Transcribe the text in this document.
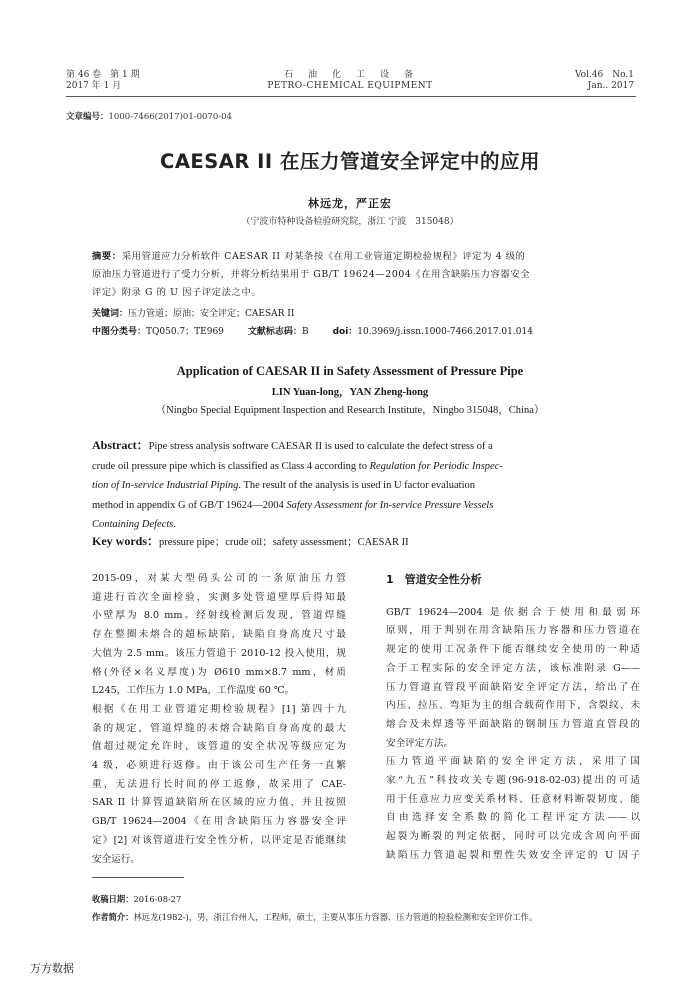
第 46 卷　第 1 期
2017 年 1 月
石　油　化　工　设　备
PETRO-CHEMICAL EQUIPMENT
Vol.46　No.1
Jan.. 2017
文章编号：1000-7466(2017)01-0070-04
CAESAR II 在压力管道安全评定中的应用
林远龙，严正宏
（宁波市特种设备检验研究院，浙江 宁波　315048）
摘要：采用管道应力分析软件 CAESAR II 对某条按《在用工业管道定期检验规程》评定为 4 级的
原油压力管道进行了受力分析，并将分析结果用于 GB/T 19624—2004《在用含缺陷压力容器安全
评定》附录 G 的 U 因子评定法之中。
关键词：压力管道；原油；安全评定；CAESAR II
中图分类号：TQ050.7；TE969	文献标志码：B	doi：10.3969/j.issn.1000-7466.2017.01.014
Application of CAESAR II in Safety Assessment of Pressure Pipe
LIN Yuan-long，YAN Zheng-hong
（Ningbo Special Equipment Inspection and Research Institute，Ningbo 315048，China）
Abstract：Pipe stress analysis software CAESAR II is used to calculate the defect stress of a
crude oil pressure pipe which is classified as Class 4 according to Regulation for Periodic Inspec-
tion of In-service Industrial Piping. The result of the analysis is used in U factor evaluation
method in appendix G of GB/T 19624—2004 Safety Assessment for In-service Pressure Vessels
Containing Defects.
Key words：pressure pipe；crude oil；safety assessment；CAESAR II
2015-09，对某大型码头公司的一条原油压力管
道进行首次全面检验，实测多处管道壁厚后得知最
小壁厚为 8.0 mm。经射线检测后发现，管道焊缝
存在整圈未熔合的超标缺陷，缺陷自身高度尺寸最
大值为 2.5 mm。该压力管道于 2010-12 投入使用，规
格(外径×名义厚度)为 Ø610 mm×8.7 mm，材质
L245，工作压力 1.0 MPa，工作温度 60 ℃。
根据《在用工业管道定期检验规程》[1] 第四十九
条的规定，管道焊缝的未熔合缺陷自身高度的最大
值超过规定允许时，该管道的安全状况等级应定为
4 级，必须进行返修。由于该公司生产任务一直繁
重，无法进行长时间的停工返修，故采用了 CAE-
SAR II 计算管道缺陷所在区域的应力值，并且按照
GB/T 19624—2004《在用含缺陷压力容器安全评
定》[2] 对该管道进行安全性分析，以评定是否能继续
安全运行。
1　管道安全性分析
GB/T 19624—2004 是依据合于使用和最弱环
原则，用于判别在用含缺陷压力容器和压力管道在
规定的使用工况条件下能否继续安全使用的一种适
合于工程实际的安全评定方法，该标准附录 G——
压力管道直管段平面缺陷安全评定方法，给出了在
内压、拉压、弯矩为主的组合载荷作用下，含裂纹、未
熔合及未焊透等平面缺陷的钢制压力管道直管段的
安全评定方法。
压力管道平面缺陷的安全评定方法，采用了国
家“九五”科技攻关专题(96-918-02-03)提出的可适
用于任意应力应变关系材料、任意材料断裂韧度、能
自由选择安全系数的简化工程评定方法——以
起裂为断裂的判定依据，同时可以完成含周向平面
缺陷压力管道起裂和塑性失效安全评定的 U 因子
收稿日期：2016-08-27
作者简介：林远龙(1982-)，男，浙江台州人，工程师，硕士，主要从事压力容器、压力管道的检验检测和安全评价工作。
万方数据
